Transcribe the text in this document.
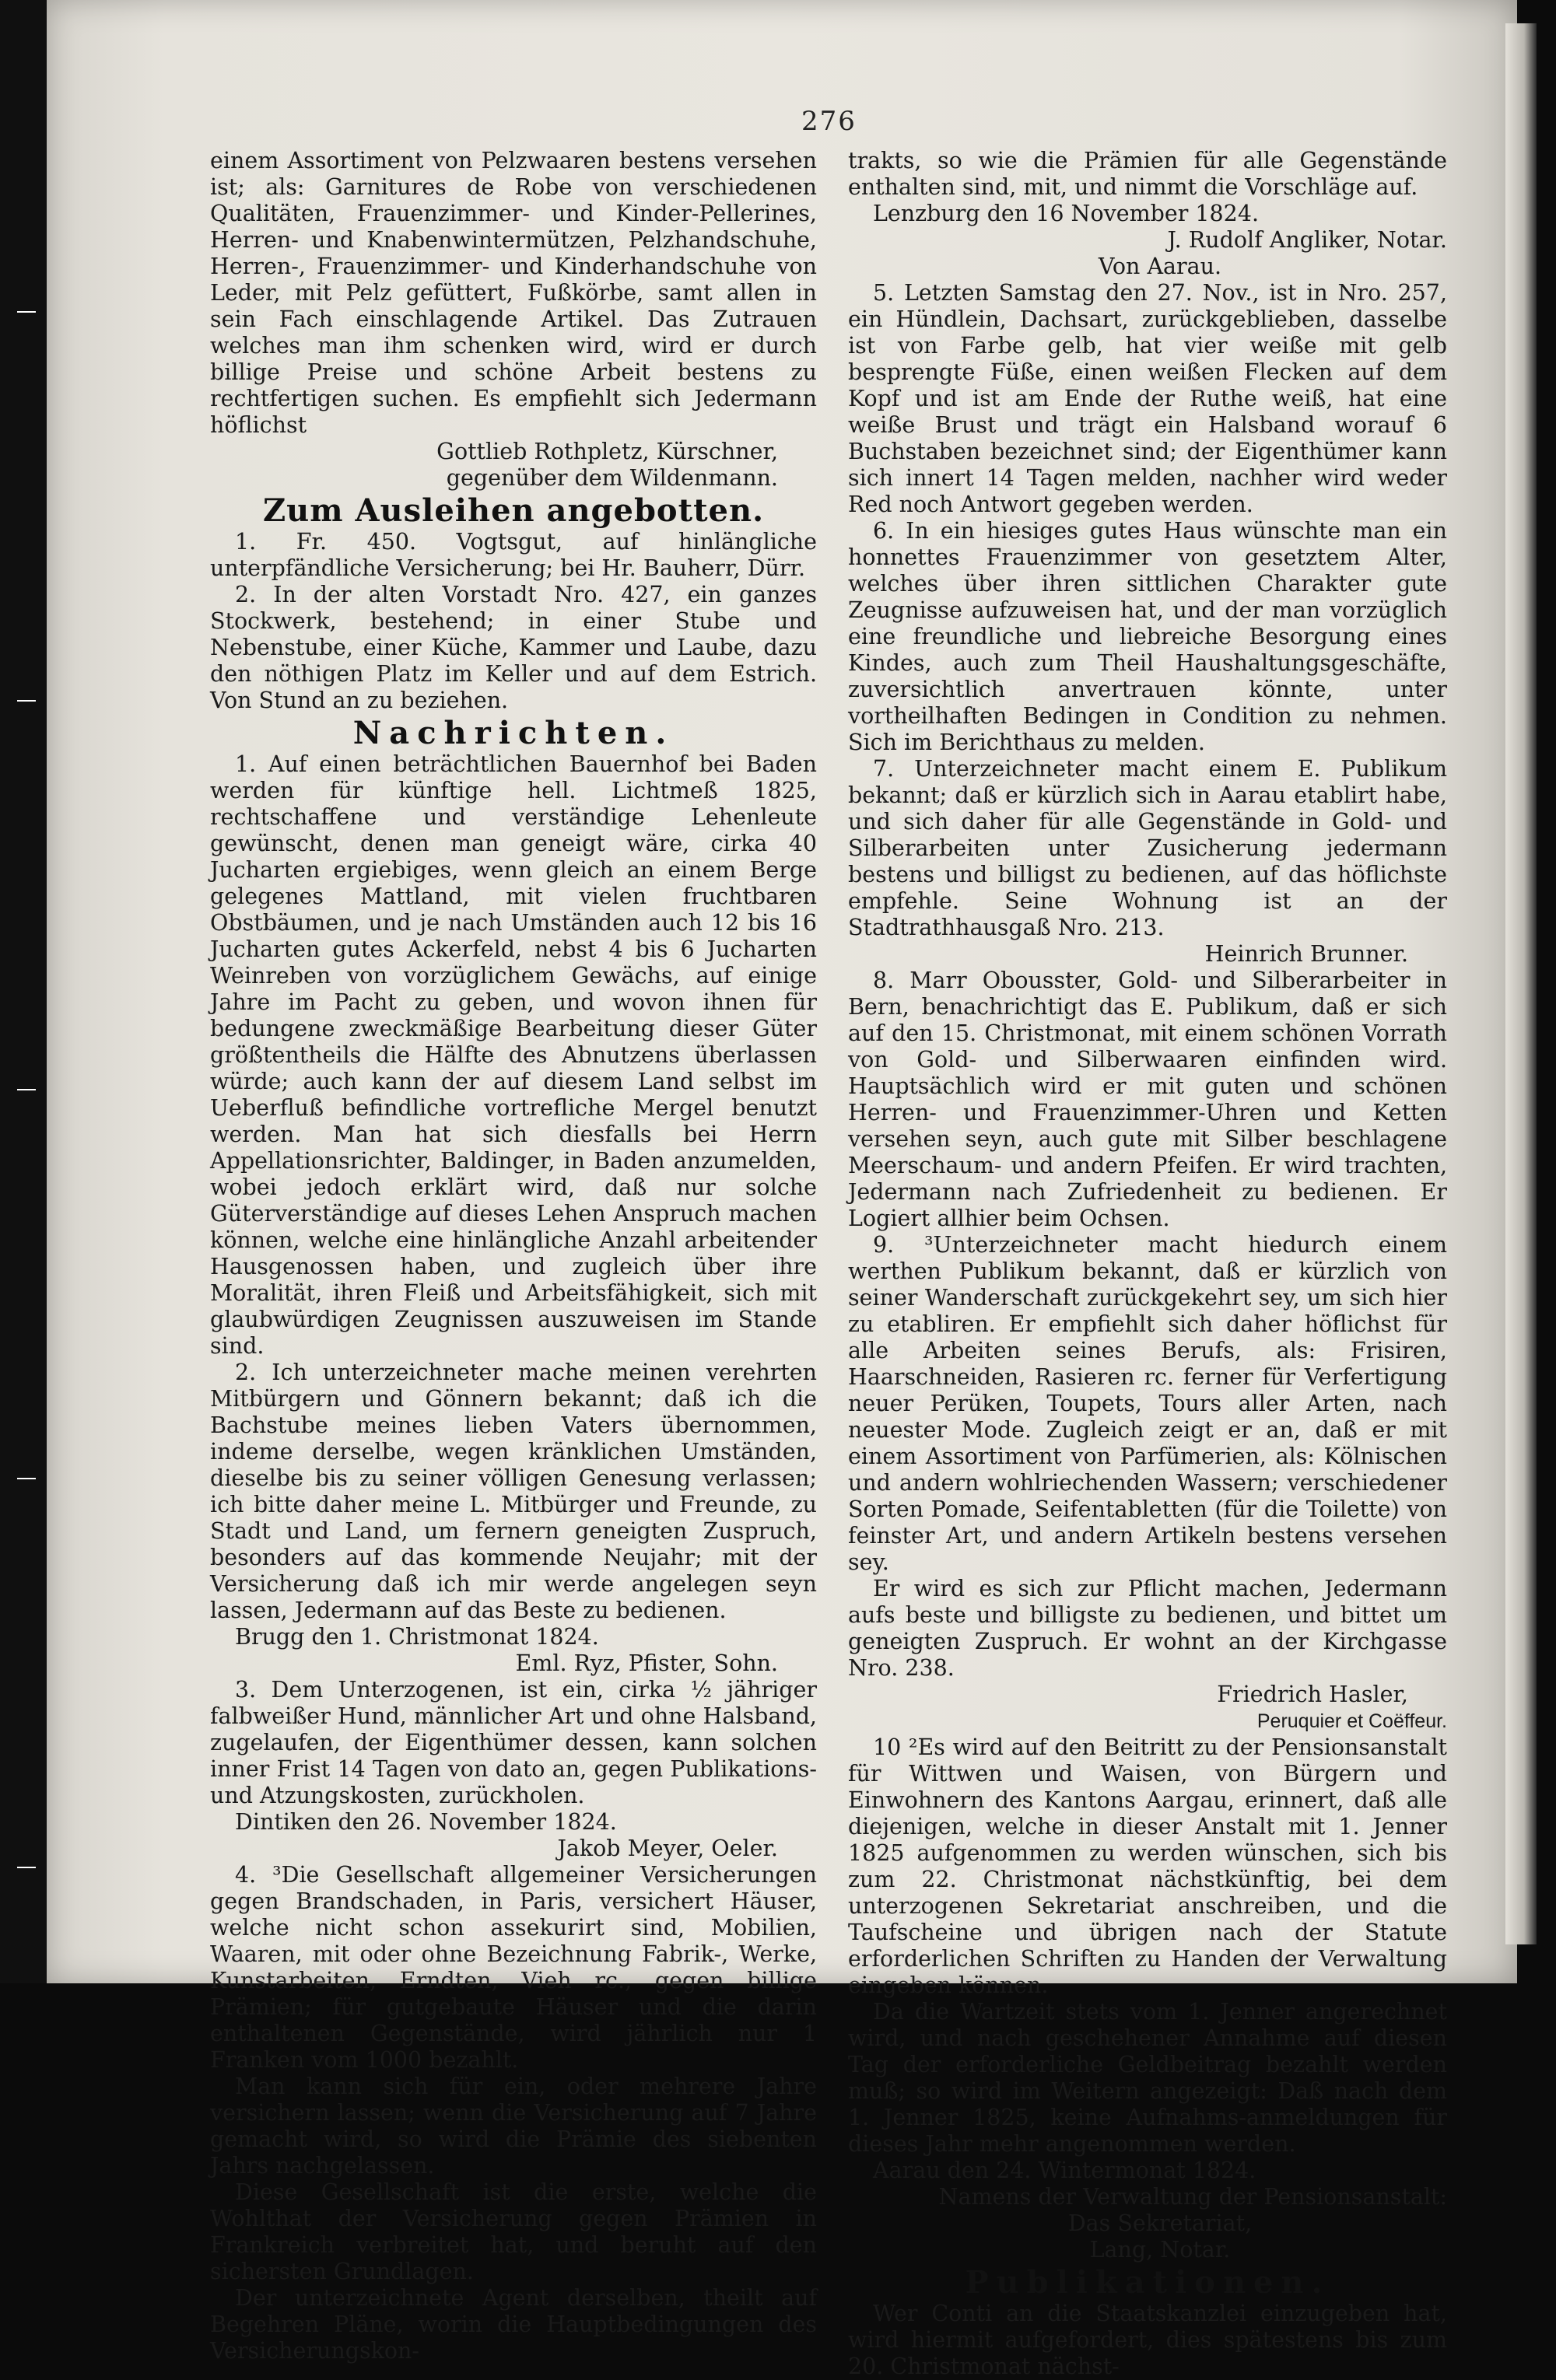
276

einem Assortiment von Pelzwaaren bestens versehen ist; als: Garnitures de Robe von verschiedenen Qualitäten, Frauenzimmer- und Kinder-Pellerines, Herren- und Knabenwintermützen, Pelzhandschuhe, Herren-, Frauenzimmer- und Kinderhandschuhe von Leder, mit Pelz gefüttert, Fußkörbe, samt allen in sein Fach einschlagende Artikel. Das Zutrauen welches man ihm schenken wird, wird er durch billige Preise und schöne Arbeit bestens zu rechtfertigen suchen. Es empfiehlt sich Jedermann höflichst

Gottlieb Rothpletz, Kürschner,

gegenüber dem Wildenmann.

Zum Ausleihen angebotten.

1. Fr. 450. Vogtsgut, auf hinlängliche unterpfändliche Versicherung; bei Hr. Bauherr, Dürr.

2. In der alten Vorstadt Nro. 427, ein ganzes Stockwerk, bestehend; in einer Stube und Nebenstube, einer Küche, Kammer und Laube, dazu den nöthigen Platz im Keller und auf dem Estrich. Von Stund an zu beziehen.

Nachrichten.

1. Auf einen beträchtlichen Bauernhof bei Baden werden für künftige hell. Lichtmeß 1825, rechtschaffene und verständige Lehenleute gewünscht, denen man geneigt wäre, cirka 40 Jucharten ergiebiges, wenn gleich an einem Berge gelegenes Mattland, mit vielen fruchtbaren Obstbäumen, und je nach Umständen auch 12 bis 16 Jucharten gutes Ackerfeld, nebst 4 bis 6 Jucharten Weinreben von vorzüglichem Gewächs, auf einige Jahre im Pacht zu geben, und wovon ihnen für bedungene zweckmäßige Bearbeitung dieser Güter größtentheils die Hälfte des Abnutzens überlassen würde; auch kann der auf diesem Land selbst im Ueberfluß befindliche vortrefliche Mergel benutzt werden. Man hat sich diesfalls bei Herrn Appellationsrichter, Baldinger, in Baden anzumelden, wobei jedoch erklärt wird, daß nur solche Güterverständige auf dieses Lehen Anspruch machen können, welche eine hinlängliche Anzahl arbeitender Hausgenossen haben, und zugleich über ihre Moralität, ihren Fleiß und Arbeitsfähigkeit, sich mit glaubwürdigen Zeugnissen auszuweisen im Stande sind.

2. Ich unterzeichneter mache meinen verehrten Mitbürgern und Gönnern bekannt; daß ich die Bachstube meines lieben Vaters übernommen, indeme derselbe, wegen kränklichen Umständen, dieselbe bis zu seiner völligen Genesung verlassen; ich bitte daher meine L. Mitbürger und Freunde, zu Stadt und Land, um fernern geneigten Zuspruch, besonders auf das kommende Neujahr; mit der Versicherung daß ich mir werde angelegen seyn lassen, Jedermann auf das Beste zu bedienen.

Brugg den 1. Christmonat 1824.

Eml. Ryz, Pfister, Sohn.

3. Dem Unterzogenen, ist ein, cirka ½ jähriger falbweißer Hund, männlicher Art und ohne Halsband, zugelaufen, der Eigenthümer dessen, kann solchen inner Frist 14 Tagen von dato an, gegen Publikations- und Atzungskosten, zurückholen.

Dintiken den 26. November 1824.

Jakob Meyer, Oeler.

4. ³Die Gesellschaft allgemeiner Versicherungen gegen Brandschaden, in Paris, versichert Häuser, welche nicht schon assekurirt sind, Mobilien, Waaren, mit oder ohne Bezeichnung Fabrik-, Werke, Kunstarbeiten, Erndten, Vieh rc., gegen billige Prämien; für gutgebaute Häuser und die darin enthaltenen Gegenstände, wird jährlich nur 1 Franken vom 1000 bezahlt.

Man kann sich für ein, oder mehrere Jahre versichern lassen; wenn die Versicherung auf 7 Jahre gemacht wird, so wird die Prämie des siebenten Jahrs nachgelassen.

Diese Gesellschaft ist die erste, welche die Wohlthat der Versicherung gegen Prämien in Frankreich verbreitet hat, und beruht auf den sichersten Grundlagen.

Der unterzeichnete Agent derselben, theilt auf Begehren Pläne, worin die Hauptbedingungen des Versicherungskon-

trakts, so wie die Prämien für alle Gegenstände enthalten sind, mit, und nimmt die Vorschläge auf.

Lenzburg den 16 November 1824.

J. Rudolf Angliker, Notar.

Von Aarau.

5. Letzten Samstag den 27. Nov., ist in Nro. 257, ein Hündlein, Dachsart, zurückgeblieben, dasselbe ist von Farbe gelb, hat vier weiße mit gelb besprengte Füße, einen weißen Flecken auf dem Kopf und ist am Ende der Ruthe weiß, hat eine weiße Brust und trägt ein Halsband worauf 6 Buchstaben bezeichnet sind; der Eigenthümer kann sich innert 14 Tagen melden, nachher wird weder Red noch Antwort gegeben werden.

6. In ein hiesiges gutes Haus wünschte man ein honnettes Frauenzimmer von gesetztem Alter, welches über ihren sittlichen Charakter gute Zeugnisse aufzuweisen hat, und der man vorzüglich eine freundliche und liebreiche Besorgung eines Kindes, auch zum Theil Haushaltungsgeschäfte, zuversichtlich anvertrauen könnte, unter vortheilhaften Bedingen in Condition zu nehmen. Sich im Berichthaus zu melden.

7. Unterzeichneter macht einem E. Publikum bekannt; daß er kürzlich sich in Aarau etablirt habe, und sich daher für alle Gegenstände in Gold- und Silberarbeiten unter Zusicherung jedermann bestens und billigst zu bedienen, auf das höflichste empfehle. Seine Wohnung ist an der Stadtrathhausgaß Nro. 213.

Heinrich Brunner.

8. Marr Obousster, Gold- und Silberarbeiter in Bern, benachrichtigt das E. Publikum, daß er sich auf den 15. Christmonat, mit einem schönen Vorrath von Gold- und Silberwaaren einfinden wird. Hauptsächlich wird er mit guten und schönen Herren- und Frauenzimmer-Uhren und Ketten versehen seyn, auch gute mit Silber beschlagene Meerschaum- und andern Pfeifen. Er wird trachten, Jedermann nach Zufriedenheit zu bedienen. Er Logiert allhier beim Ochsen.

9. ³Unterzeichneter macht hiedurch einem werthen Publikum bekannt, daß er kürzlich von seiner Wanderschaft zurückgekehrt sey, um sich hier zu etabliren. Er empfiehlt sich daher höflichst für alle Arbeiten seines Berufs, als: Frisiren, Haarschneiden, Rasieren rc. ferner für Verfertigung neuer Perüken, Toupets, Tours aller Arten, nach neuester Mode. Zugleich zeigt er an, daß er mit einem Assortiment von Parfümerien, als: Kölnischen und andern wohlriechenden Wassern; verschiedener Sorten Pomade, Seifentabletten (für die Toilette) von feinster Art, und andern Artikeln bestens versehen sey.

Er wird es sich zur Pflicht machen, Jedermann aufs beste und billigste zu bedienen, und bittet um geneigten Zuspruch. Er wohnt an der Kirchgasse Nro. 238.

Friedrich Hasler,

Peruquier et Coëffeur.

10 ²Es wird auf den Beitritt zu der Pensionsanstalt für Wittwen und Waisen, von Bürgern und Einwohnern des Kantons Aargau, erinnert, daß alle diejenigen, welche in dieser Anstalt mit 1. Jenner 1825 aufgenommen zu werden wünschen, sich bis zum 22. Christmonat nächstkünftig, bei dem unterzogenen Sekretariat anschreiben, und die Taufscheine und übrigen nach der Statute erforderlichen Schriften zu Handen der Verwaltung eingeben können.

Da die Wartzeit stets vom 1. Jenner angerechnet wird, und nach geschehener Annahme auf diesen Tag der erforderliche Geldbeitrag bezahlt werden muß; so wird im Weitern angezeigt: Daß nach dem 1. Jenner 1825, keine Aufnahms-anmeldungen für dieses Jahr mehr angenommen werden.

Aarau den 24. Wintermonat 1824.

Namens der Verwaltung der Pensionsanstalt:

Das Sekretariat,

Lang, Notar.

Publikationen.

Wer Conti an die Staatskanzlei einzugeben hat, wird hiermit aufgefordert, dies spätestens bis zum 20. Christmonat nächst-
